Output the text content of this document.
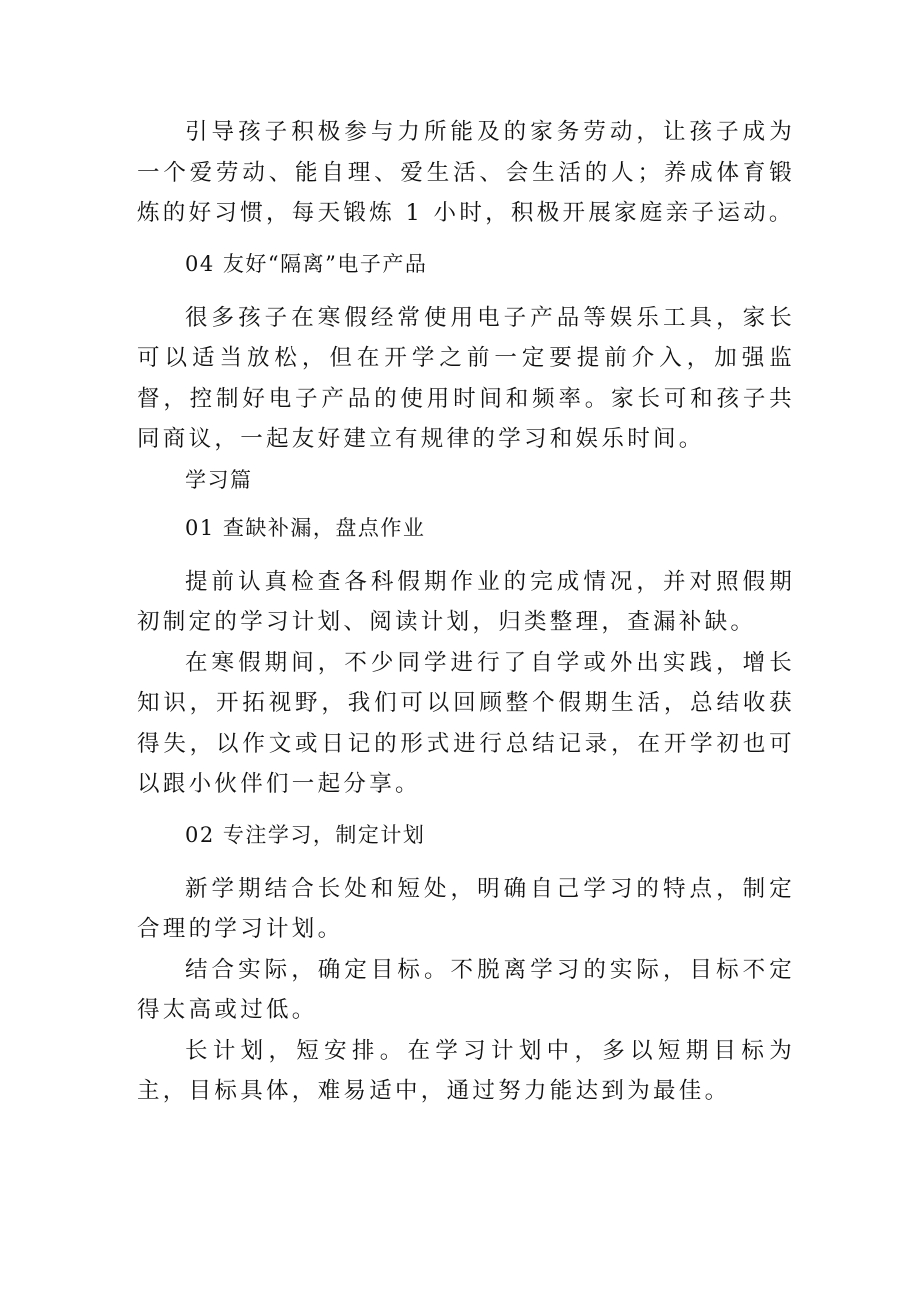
引导孩子积极参与力所能及的家务劳动，让孩子成为一个爱劳动、能自理、爱生活、会生活的人；养成体育锻炼的好习惯，每天锻炼 1 小时，积极开展家庭亲子运动。

04 友好“隔离”电子产品

很多孩子在寒假经常使用电子产品等娱乐工具，家长可以适当放松，但在开学之前一定要提前介入，加强监督，控制好电子产品的使用时间和频率。家长可和孩子共同商议，一起友好建立有规律的学习和娱乐时间。

学习篇

01 查缺补漏，盘点作业

提前认真检查各科假期作业的完成情况，并对照假期初制定的学习计划、阅读计划，归类整理，查漏补缺。

在寒假期间，不少同学进行了自学或外出实践，增长知识，开拓视野，我们可以回顾整个假期生活，总结收获得失，以作文或日记的形式进行总结记录，在开学初也可以跟小伙伴们一起分享。

02 专注学习，制定计划

新学期结合长处和短处，明确自己学习的特点，制定合理的学习计划。

结合实际，确定目标。不脱离学习的实际，目标不定得太高或过低。

长计划，短安排。在学习计划中，多以短期目标为主，目标具体，难易适中，通过努力能达到为最佳。
